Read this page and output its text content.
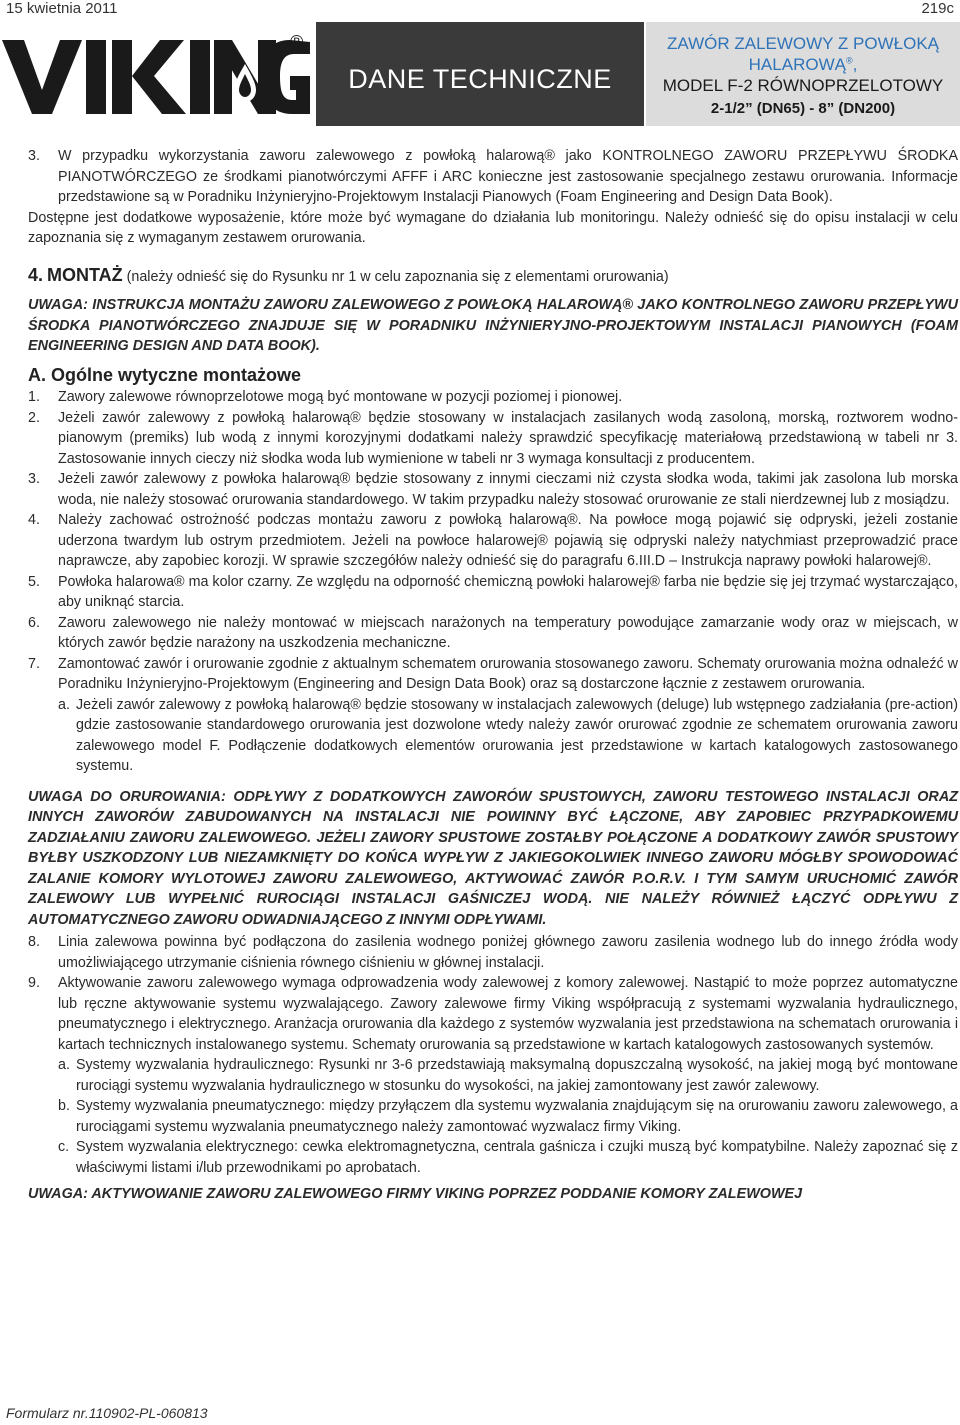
15 kwietnia 2011	219c
®
DANE TECHNICZNE
ZAWÓR ZALEWOWY Z POWŁOKĄ
HALAROWĄ®,
MODEL F-2 RÓWNOPRZELOTOWY
2-1/2” (DN65) - 8” (DN200)
3.	W przypadku wykorzystania zaworu zalewowego z powłoką halarową® jako KONTROLNEGO ZAWORU PRZEPŁYWU ŚRODKA PIANOTWÓRCZEGO ze środkami pianotwórczymi AFFF i ARC konieczne jest zastosowanie specjalnego zestawu orurowania. Informacje przedstawione są w Poradniku Inżynieryjno-Projektowym Instalacji Pianowych (Foam Engineering and Design Data Book).

Dostępne jest dodatkowe wyposażenie, które może być wymagane do działania lub monitoringu. Należy odnieść się do opisu instalacji w celu zapoznania się z wymaganym zestawem orurowania.

4. MONTAŻ (należy odnieść się do Rysunku nr 1 w celu zapoznania się z elementami orurowania)

UWAGA: INSTRUKCJA MONTAŻU ZAWORU ZALEWOWEGO Z POWŁOKĄ HALAROWĄ® JAKO KONTROLNEGO ZAWORU PRZEPŁYWU ŚRODKA PIANOTWÓRCZEGO ZNAJDUJE SIĘ W PORADNIKU INŻYNIERYJNO-PROJEKTOWYM INSTALACJI PIANOWYCH (FOAM ENGINEERING DESIGN AND DATA BOOK).

A. Ogólne wytyczne montażowe
1.	Zawory zalewowe równoprzelotowe mogą być montowane w pozycji poziomej i pionowej.
2.	Jeżeli zawór zalewowy z powłoką halarową® będzie stosowany w instalacjach zasilanych wodą zasoloną, morską, roztworem wodno-pianowym (premiks) lub wodą z innymi korozyjnymi dodatkami należy sprawdzić specyfikację materiałową przedstawioną w tabeli nr 3. Zastosowanie innych cieczy niż słodka woda lub wymienione w tabeli nr 3 wymaga konsultacji z producentem.
3.	Jeżeli zawór zalewowy z powłoka halarową® będzie stosowany z innymi cieczami niż czysta słodka woda, takimi jak zasolona lub morska woda, nie należy stosować orurowania standardowego. W takim przypadku należy stosować orurowanie ze stali nierdzewnej lub z mosiądzu.
4.	Należy zachować ostrożność podczas montażu zaworu z powłoką halarową®. Na powłoce mogą pojawić się odpryski, jeżeli zostanie uderzona twardym lub ostrym przedmiotem. Jeżeli na powłoce halarowej® pojawią się odpryski należy natychmiast przeprowadzić prace naprawcze, aby zapobiec korozji. W sprawie szczegółów należy odnieść się do paragrafu 6.III.D – Instrukcja naprawy powłoki halarowej®.
5.	Powłoka halarowa® ma kolor czarny. Ze względu na odporność chemiczną powłoki halarowej® farba nie będzie się jej trzymać wystarczająco, aby uniknąć starcia.
6.	Zaworu zalewowego nie należy montować w miejscach narażonych na temperatury powodujące zamarzanie wody oraz w miejscach, w których zawór będzie narażony na uszkodzenia mechaniczne.
7.	Zamontować zawór i orurowanie zgodnie z aktualnym schematem orurowania stosowanego zaworu. Schematy orurowania można odnaleźć w Poradniku Inżynieryjno-Projektowym (Engineering and Design Data Book) oraz są dostarczone łącznie z zestawem orurowania.
a. Jeżeli zawór zalewowy z powłoką halarową® będzie stosowany w instalacjach zalewowych (deluge) lub wstępnego zadziałania (pre-action) gdzie zastosowanie standardowego orurowania jest dozwolone wtedy należy zawór orurować zgodnie ze schematem orurowania zaworu zalewowego model F. Podłączenie dodatkowych elementów orurowania jest przedstawione w kartach katalogowych zastosowanego systemu.

UWAGA DO ORUROWANIA: ODPŁYWY Z DODATKOWYCH ZAWORÓW SPUSTOWYCH, ZAWORU TESTOWEGO INSTALACJI ORAZ INNYCH ZAWORÓW ZABUDOWANYCH NA INSTALACJI NIE POWINNY BYĆ ŁĄCZONE, ABY ZAPOBIEC PRZYPADKOWEMU ZADZIAŁANIU ZAWORU ZALEWOWEGO. JEŻELI ZAWORY SPUSTOWE ZOSTAŁBY POŁĄCZONE A DODATKOWY ZAWÓR SPUSTOWY BYŁBY USZKODZONY LUB NIEZAMKNIĘTY DO KOŃCA WYPŁYW Z JAKIEGOKOLWIEK INNEGO ZAWORU MÓGŁBY SPOWODOWAĆ ZALANIE KOMORY WYLOTOWEJ ZAWORU ZALEWOWEGO, AKTYWOWAĆ ZAWÓR P.O.R.V. I TYM SAMYM URUCHOMIĆ ZAWÓR ZALEWOWY LUB WYPEŁNIĆ RUROCIĄGI INSTALACJI GAŚNICZEJ WODĄ. NIE NALEŻY RÓWNIEŻ ŁĄCZYĆ ODPŁYWU Z AUTOMATYCZNEGO ZAWORU ODWADNIAJĄCEGO Z INNYMI ODPŁYWAMI.

8.	Linia zalewowa powinna być podłączona do zasilenia wodnego poniżej głównego zaworu zasilenia wodnego lub do innego źródła wody umożliwiającego utrzymanie ciśnienia równego ciśnieniu w głównej instalacji.
9.	Aktywowanie zaworu zalewowego wymaga odprowadzenia wody zalewowej z komory zalewowej. Nastąpić to może poprzez automatyczne lub ręczne aktywowanie systemu wyzwalającego. Zawory zalewowe firmy Viking współpracują z systemami wyzwalania hydraulicznego, pneumatycznego i elektrycznego. Aranżacja orurowania dla każdego z systemów wyzwalania jest przedstawiona na schematach orurowania i kartach technicznych instalowanego systemu. Schematy orurowania są przedstawione w kartach katalogowych zastosowanych systemów.
a. Systemy wyzwalania hydraulicznego: Rysunki nr 3-6 przedstawiają maksymalną dopuszczalną wysokość, na jakiej mogą być montowane rurociągi systemu wyzwalania hydraulicznego w stosunku do wysokości, na jakiej zamontowany jest zawór zalewowy.
b. Systemy wyzwalania pneumatycznego: między przyłączem dla systemu wyzwalania znajdującym się na orurowaniu zaworu zalewowego, a rurociągami systemu wyzwalania pneumatycznego należy zamontować wyzwalacz firmy Viking.
c. System wyzwalania elektrycznego: cewka elektromagnetyczna, centrala gaśnicza i czujki muszą być kompatybilne. Należy zapoznać się z właściwymi listami i/lub przewodnikami po aprobatach.

UWAGA: AKTYWOWANIE ZAWORU ZALEWOWEGO FIRMY VIKING POPRZEZ PODDANIE KOMORY ZALEWOWEJ

Formularz nr.110902-PL-060813
